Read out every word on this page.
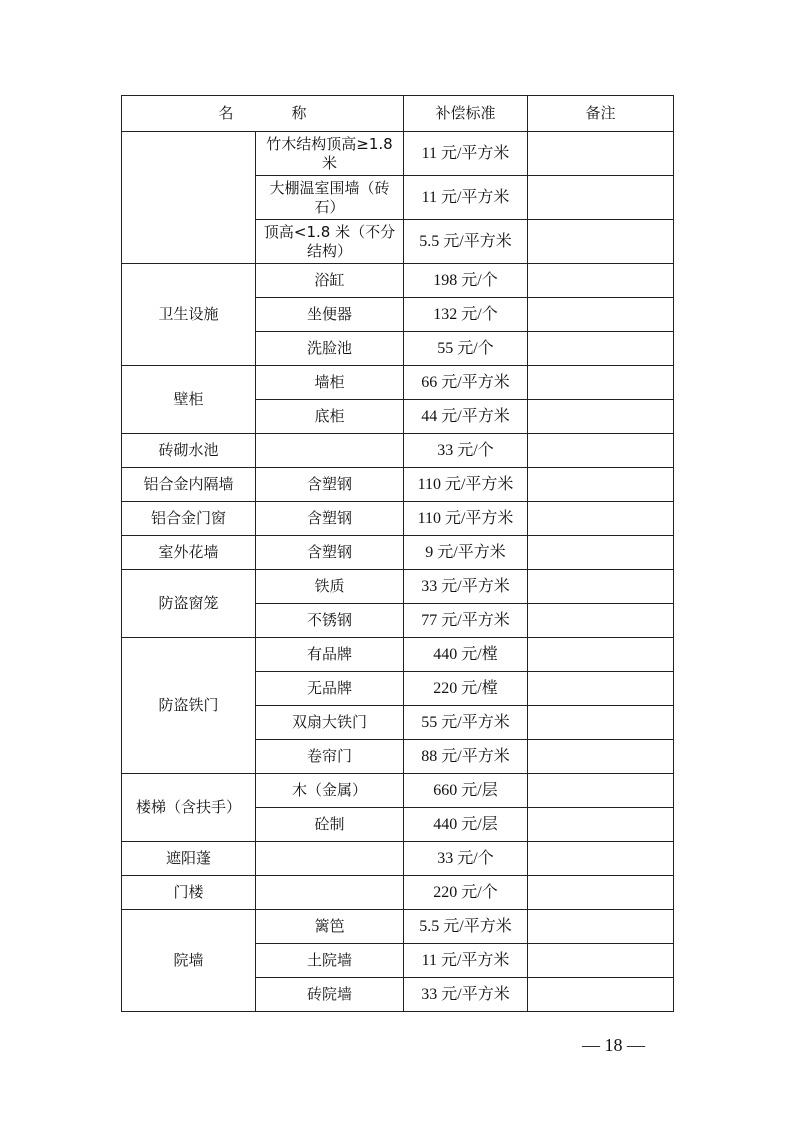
名 称		补偿标准	备注
	竹木结构顶高≥1.8米	11 元/平方米	
	大棚温室围墙（砖石）	11 元/平方米	
	顶高<1.8 米（不分结构）	5.5 元/平方米	
卫生设施	浴缸	198 元/个	
	坐便器	132 元/个	
	洗脸池	55 元/个	
壁柜	墙柜	66 元/平方米	
	底柜	44 元/平方米	
砖砌水池		33 元/个	
铝合金内隔墙	含塑钢	110 元/平方米	
铝合金门窗	含塑钢	110 元/平方米	
室外花墙	含塑钢	9 元/平方米	
防盗窗笼	铁质	33 元/平方米	
	不锈钢	77 元/平方米	
防盗铁门	有品牌	440 元/樘	
	无品牌	220 元/樘	
	双扇大铁门	55 元/平方米	
	卷帘门	88 元/平方米	
楼梯（含扶手）	木（金属）	660 元/层	
	砼制	440 元/层	
遮阳蓬		33 元/个	
门楼		220 元/个	
院墙	篱笆	5.5 元/平方米	
	土院墙	11 元/平方米	
	砖院墙	33 元/平方米	
— 18 —
